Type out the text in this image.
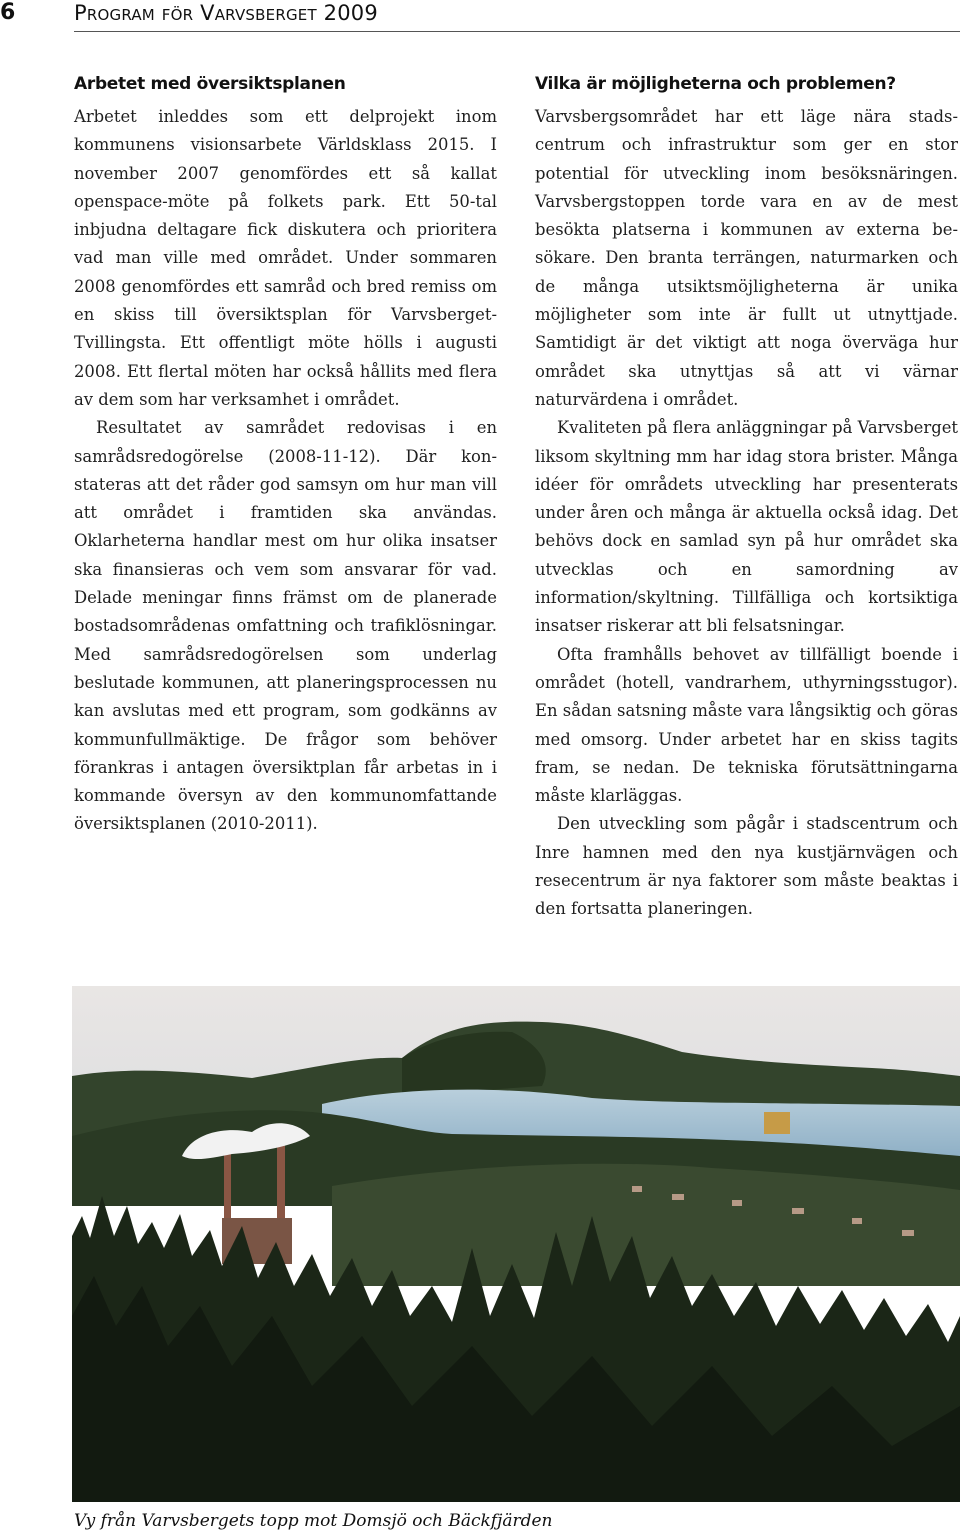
6	Program för Varvsberget 2009
Arbetet med översiktsplanen

Arbetet inleddes som ett delprojekt inom kommunens visionsarbete Världsklass 2015. I november 2007 genomfördes ett så kallat openspace-möte på folkets park. Ett 50-tal inbjudna deltagare fick diskutera och prioritera vad man ville med området. Under sommaren 2008 genomfördes ett samråd och bred remiss om en skiss till översiktsplan för Varvsberget-Tvillingsta. Ett offentligt möte hölls i augusti 2008. Ett flertal möten har också hållits med flera av dem som har verksamhet i området.

Resultatet av samrådet redovisas i en samrådsredogörelse (2008-11-12). Där konstateras att det råder god samsyn om hur man vill att området i framtiden ska användas. Oklarheterna handlar mest om hur olika insatser ska finansieras och vem som ansvarar för vad. Delade meningar finns främst om de planerade bostadsområdenas omfattning och trafiklösningar. Med samrådsredogörelsen som underlag beslutade kommunen, att planeringsprocessen nu kan avslutas med ett program, som godkänns av kommunfullmäktige. De frågor som behöver förankras i antagen översiktplan får arbetas in i kommande översyn av den kommunomfattande översiktsplanen (2010-2011).

Vilka är möjligheterna och problemen?

Varvsbergsområdet har ett läge nära stadscentrum och infrastruktur som ger en stor potential för utveckling inom besöksnäringen. Varvsbergstoppen torde vara en av de mest besökta platserna i kommunen av externa besökare. Den branta terrängen, naturmarken och de många utsiktsmöjligheterna är unika möjligheter som inte är fullt ut utnyttjade. Samtidigt är det viktigt att noga överväga hur området ska utnyttjas så att vi värnar naturvärdena i området.

Kvaliteten på flera anläggningar på Varvsberget liksom skyltning mm har idag stora brister. Många idéer för områdets utveckling har presenterats under åren och många är aktuella också idag. Det behövs dock en samlad syn på hur området ska utvecklas och en samordning av information/skyltning. Tillfälliga och kortsiktiga insatser riskerar att bli felsatsningar.

Ofta framhålls behovet av tillfälligt boende i området (hotell, vandrarhem, uthyrningsstugor). En sådan satsning måste vara långsiktig och göras med omsorg. Under arbetet har en skiss tagits fram, se nedan. De tekniska förutsättningarna måste klarläggas.

Den utveckling som pågår i stadscentrum och Inre hamnen med den nya kustjärnvägen och resecentrum är nya faktorer som måste beaktas i den fortsatta planeringen.

Vy från Varvsbergets topp mot Domsjö och Bäckfjärden
